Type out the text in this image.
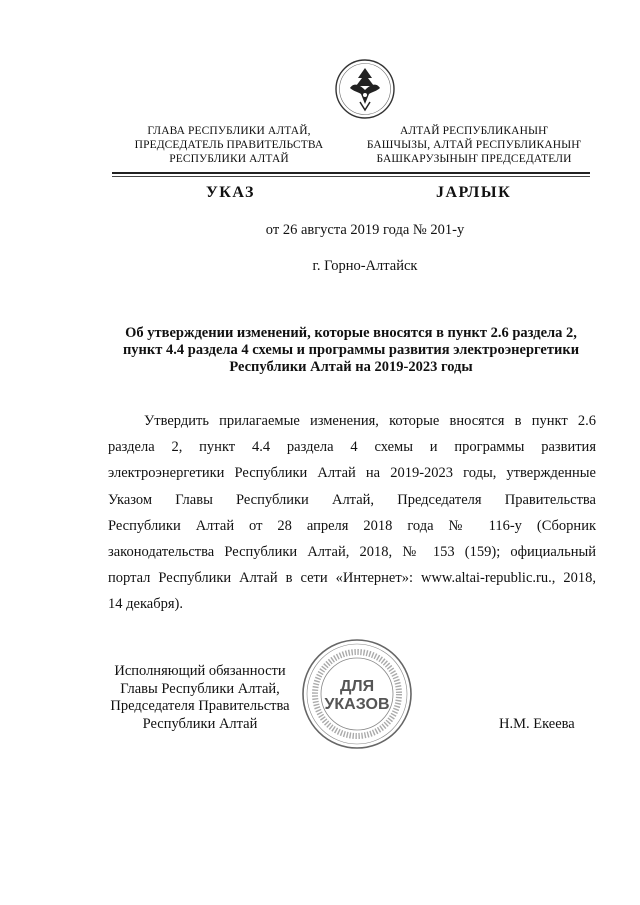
ГЛАВА РЕСПУБЛИКИ АЛТАЙ,
ПРЕДСЕДАТЕЛЬ ПРАВИТЕЛЬСТВА
РЕСПУБЛИКИ АЛТАЙ
АЛТАЙ РЕСПУБЛИКАНЫҤ
БАШЧЫЗЫ, АЛТАЙ РЕСПУБЛИКАНЫҤ
БАШКАРУЗЫНЫҤ ПРЕДСЕДАТЕЛИ
УКАЗ	JАРЛЫК
от 26 августа 2019 года № 201-у
г. Горно-Алтайск
Об утверждении изменений, которые вносятся в пункт 2.6 раздела 2,
пункт 4.4 раздела 4 схемы и программы развития электроэнергетики
Республики Алтай на 2019-2023 годы
Утвердить прилагаемые изменения, которые вносятся в пункт 2.6
раздела 2, пункт 4.4 раздела 4 схемы и программы развития
электроэнергетики Республики Алтай на 2019-2023 годы, утвержденные
Указом Главы Республики Алтай, Председателя Правительства
Республики Алтай от 28 апреля 2018 года № 116-у (Сборник
законодательства Республики Алтай, 2018, № 153 (159); официальный
портал Республики Алтай в сети «Интернет»: www.altai-republic.ru., 2018,
14 декабря).
ДЛЯ
УКАЗОВ
Исполняющий обязанности
Главы Республики Алтай,
Председателя Правительства
Республики Алтай	Н.М. Екеева
